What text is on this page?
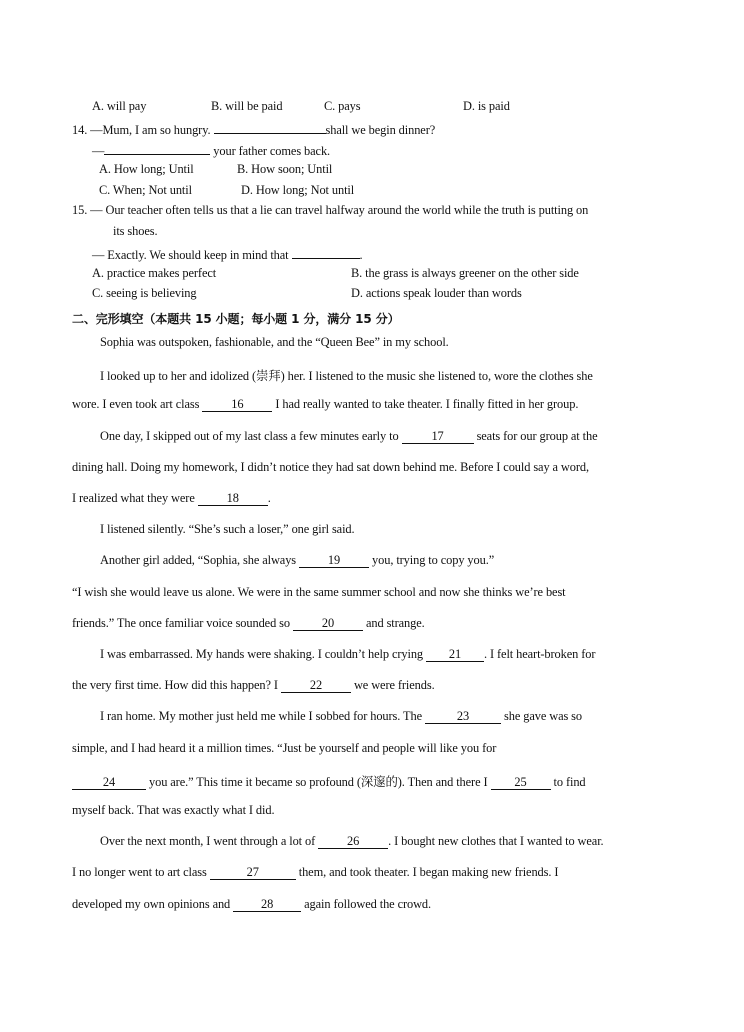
A. will pay	B. will be paid	C. pays	D. is paid
14. —Mum, I am so hungry.	shall we begin dinner?
—	your father comes back.
A. How long; Until	B. How soon; Until
C. When; Not until	D. How long; Not until
15. — Our teacher often tells us that a lie can travel halfway around the world while the truth is putting on
its shoes.
— Exactly. We should keep in mind that	.
A. practice makes perfect	B. the grass is always greener on the other side
C. seeing is believing	D. actions speak louder than words
二、完形填空（本题共 15 小题；每小题 1 分，满分 15 分）
Sophia was outspoken, fashionable, and the “Queen Bee” in my school.
I looked up to her and idolized (崇拜) her. I listened to the music she listened to, wore the clothes she
wore. I even took art class	16	I had really wanted to take theater. I finally fitted in her group.
One day, I skipped out of my last class a few minutes early to	17	seats for our group at the
dining hall. Doing my homework, I didn’t notice they had sat down behind me. Before I could say a word,
I realized what they were	18 .
I listened silently. “She’s such a loser,” one girl said.
Another girl added, “Sophia, she always	19	you, trying to copy you.”
“I wish she would leave us alone. We were in the same summer school and now she thinks we’re best
friends.” The once familiar voice sounded so	20	and strange.
I was embarrassed. My hands were shaking. I couldn’t help crying 21 . I felt heart-broken for
the very first time. How did this happen? I	22	we were friends.
I ran home. My mother just held me while I sobbed for hours. The	23	she gave was so
simple, and I had heard it a million times. “Just be yourself and people will like you for
24	you are.” This time it became so profound (深邃的). Then and there I 25 to find
myself back. That was exactly what I did.
Over the next month, I went through a lot of	26 . I bought new clothes that I wanted to wear.
I no longer went to art class	27	them, and took theater. I began making new friends. I
developed my own opinions and 28 again followed the crowd.
